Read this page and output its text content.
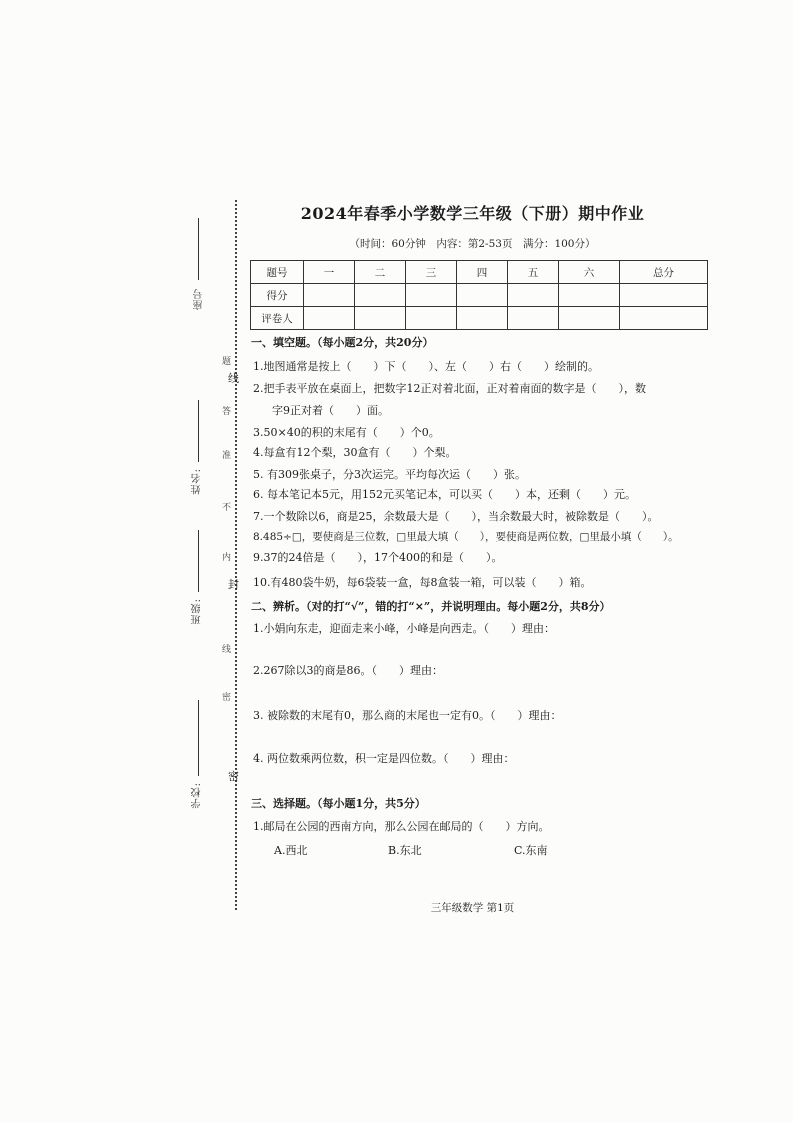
座号
姓名:
班级:
学校:
题
答
准
不
内
线
密
线
封
密
2024年春季小学数学三年级（下册）期中作业
（时间：60分钟　内容：第2-53页　满分：100分）
题号	一	二	三	四	五	六	总分
得分							
评卷人							
一、填空题。（每小题2分，共20分）
1.地图通常是按上（　　）下（　　）、左（　　）右（　　）绘制的。
2.把手表平放在桌面上，把数字12正对着北面，正对着南面的数字是（　　），数
字9正对着（　　）面。
3.50×40的积的末尾有（　　）个0。
4.每盒有12个梨，30盒有（　　）个梨。
5. 有309张桌子，分3次运完。平均每次运（　　）张。
6. 每本笔记本5元，用152元买笔记本，可以买（　　）本，还剩（　　）元。
7.一个数除以6，商是25，余数最大是（　　），当余数最大时，被除数是（　　）。
8.485÷□，要使商是三位数，□里最大填（　　），要使商是两位数，□里最小填（　　）。
9.37的24倍是（　　），17个400的和是（　　）。
10.有480袋牛奶，每6袋装一盒，每8盒装一箱，可以装（　　）箱。
二、辨析。（对的打“√”，错的打“×”，并说明理由。每小题2分，共8分）
1.小娟向东走，迎面走来小峰，小峰是向西走。（　　）理由：
2.267除以3的商是86。（　　）理由：
3. 被除数的末尾有0，那么商的末尾也一定有0。（　　）理由：
4. 两位数乘两位数，积一定是四位数。（　　）理由：
三、选择题。（每小题1分，共5分）
1.邮局在公园的西南方向，那么公园在邮局的（　　）方向。
A.西北	B.东北	C.东南
三年级数学 第1页
